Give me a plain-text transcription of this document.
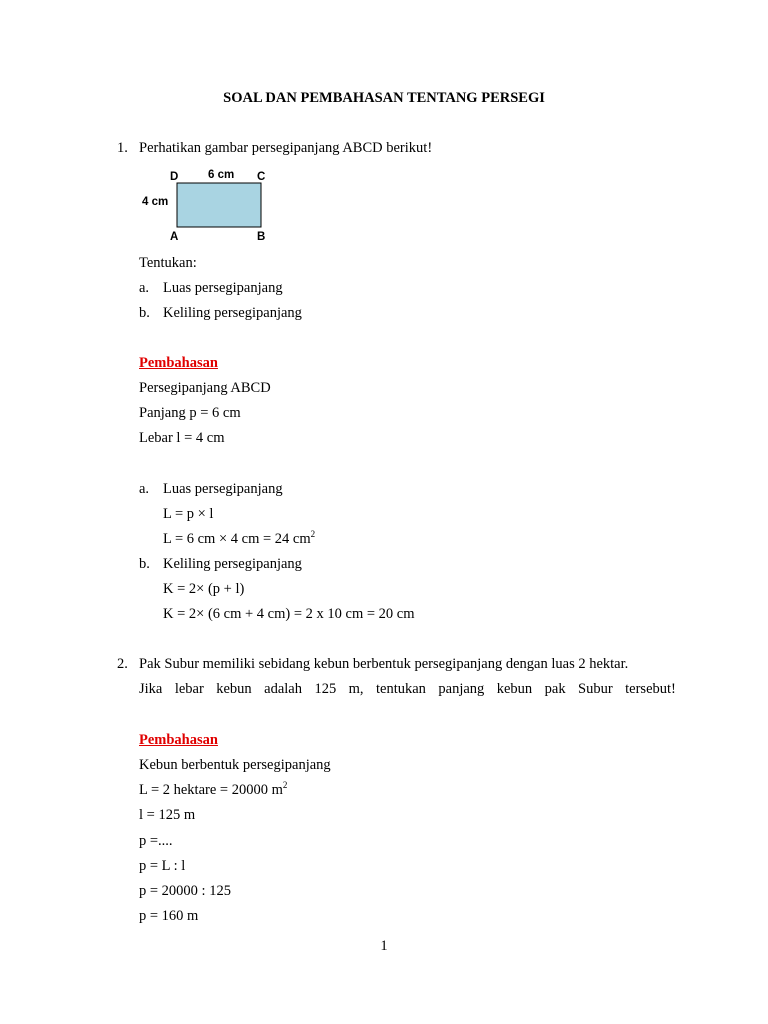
SOAL DAN PEMBAHASAN TENTANG PERSEGI
1. Perhatikan gambar persegipanjang ABCD berikut!
D	C
A	B
6 cm
4 cm
Tentukan:
a. Luas persegipanjang
b. Keliling persegipanjang
Pembahasan
Persegipanjang ABCD
Panjang p = 6 cm
Lebar l = 4 cm
a. Luas persegipanjang
L = p × l
L = 6 cm × 4 cm = 24 $cm^2$
b. Keliling persegipanjang
K = 2× (p + l)
K = 2× (6 cm + 4 cm) = 2 x 10 cm = 20 cm
2. Pak Subur memiliki sebidang kebun berbentuk persegipanjang dengan luas 2 hektar.
Jika lebar kebun adalah 125 m, tentukan panjang kebun pak Subur tersebut!
Pembahasan
Kebun berbentuk persegipanjang
L = 2 hektare = 20000 $m^2$
l = 125 m
p =....
p = L : l
p = 20000 : 125
p = 160 m
1
